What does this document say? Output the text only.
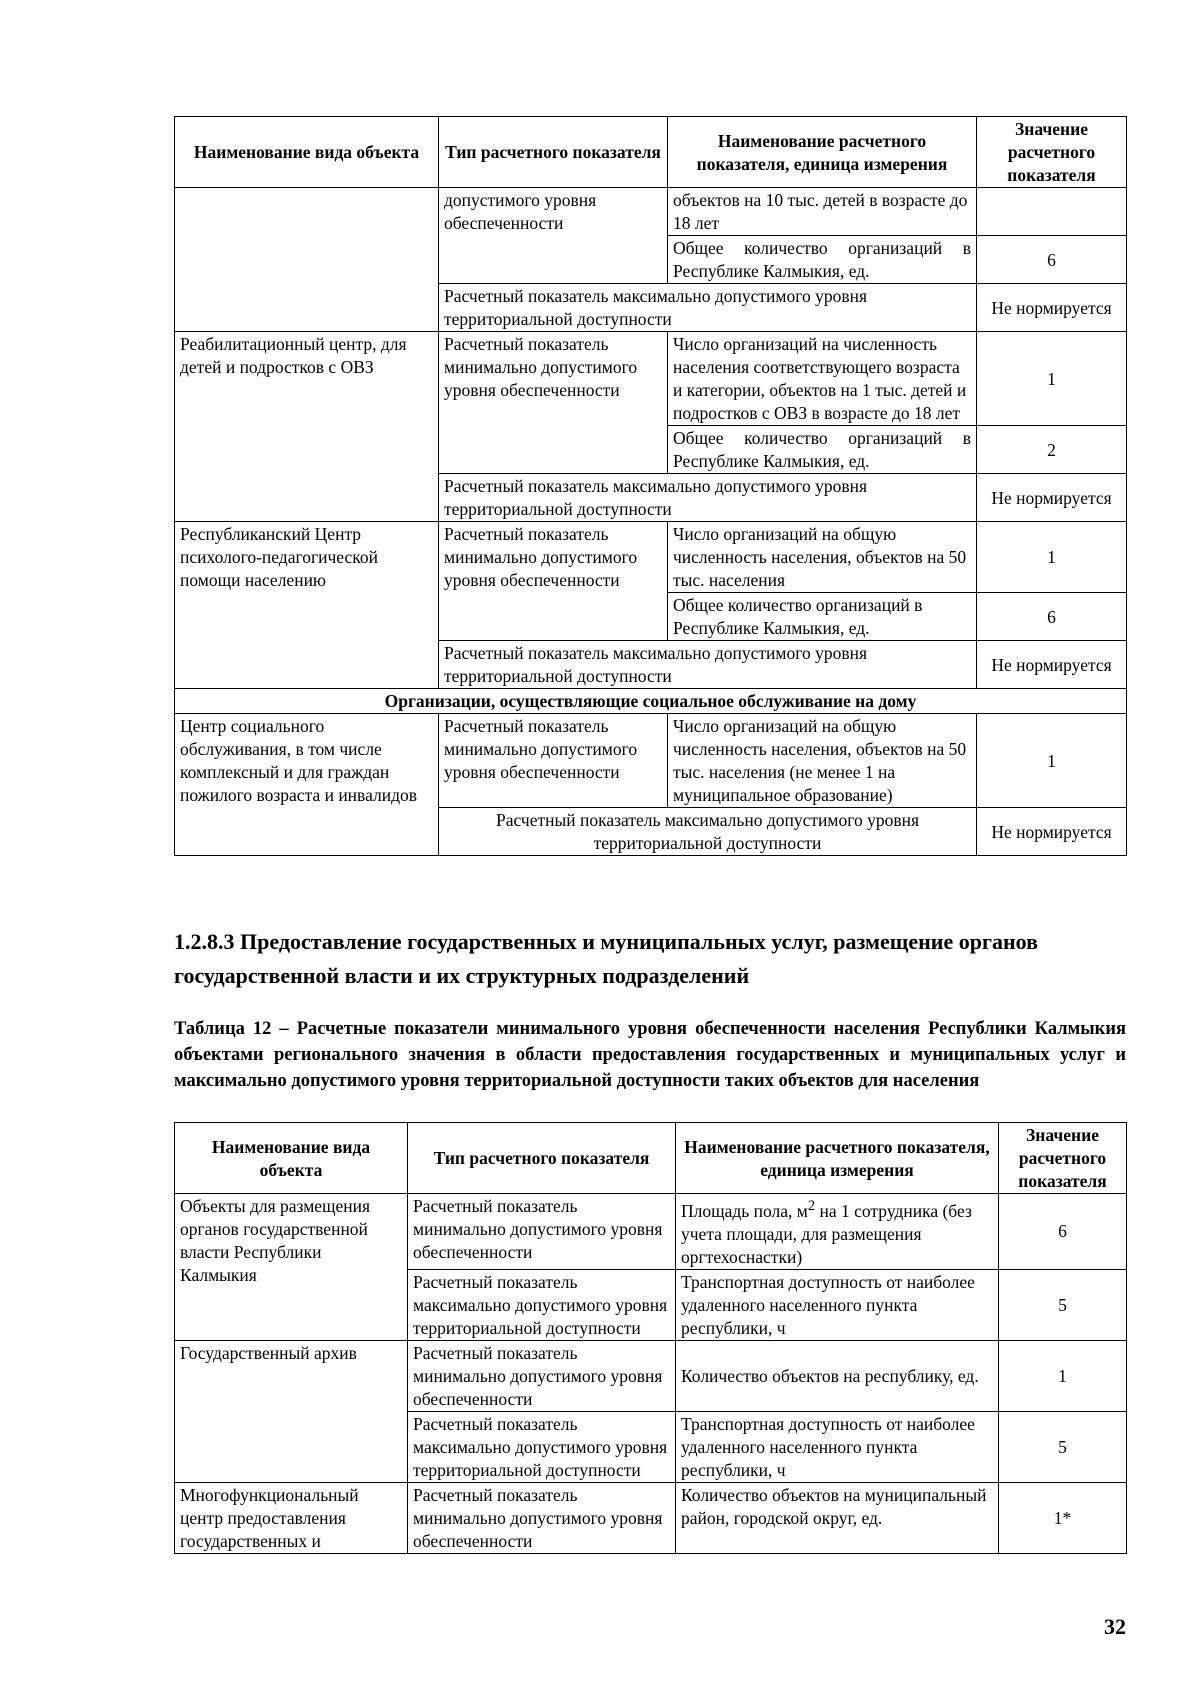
Наименование вида объекта	Тип расчетного показателя	Наименование расчетного показателя, единица измерения	Значение расчетного показателя
	допустимого уровня обеспеченности	объектов на 10 тыс. детей в возрасте до 18 лет	
		Общее количество организаций в Республике Калмыкия, ед.	6
	Расчетный показатель максимально допустимого уровня территориальной доступности		Не нормируется
Реабилитационный центр, для детей и подростков с ОВЗ	Расчетный показатель минимально допустимого уровня обеспеченности	Число организаций на численность населения соответствующего возраста и категории, объектов на 1 тыс. детей и подростков с ОВЗ в возрасте до 18 лет	1
		Общее количество организаций в Республике Калмыкия, ед.	2
	Расчетный показатель максимально допустимого уровня территориальной доступности		Не нормируется
Республиканский Центр психолого-педагогической помощи населению	Расчетный показатель минимально допустимого уровня обеспеченности	Число организаций на общую численность населения, объектов на 50 тыс. населения	1
		Общее количество организаций в Республике Калмыкия, ед.	6
	Расчетный показатель максимально допустимого уровня территориальной доступности		Не нормируется
Организации, осуществляющие социальное обслуживание на дому			
Центр социального обслуживания, в том числе комплексный и для граждан пожилого возраста и инвалидов	Расчетный показатель минимально допустимого уровня обеспеченности	Число организаций на общую численность населения, объектов на 50 тыс. населения (не менее 1 на муниципальное образование)	1
	Расчетный показатель максимально допустимого уровня территориальной доступности		Не нормируется
1.2.8.3 Предоставление государственных и муниципальных услуг, размещение органов государственной власти и их структурных подразделений
Таблица 12 – Расчетные показатели минимального уровня обеспеченности населения Республики Калмыкия объектами регионального значения в области предоставления государственных и муниципальных услуг и максимально допустимого уровня территориальной доступности таких объектов для населения
Наименование вида объекта	Тип расчетного показателя	Наименование расчетного показателя, единица измерения	Значение расчетного показателя
Объекты для размещения органов государственной власти Республики Калмыкия	Расчетный показатель минимально допустимого уровня обеспеченности	Площадь пола, $м^2$ на 1 сотрудника (без учета площади, для размещения оргтехоснастки)	6
	Расчетный показатель максимально допустимого уровня территориальной доступности	Транспортная доступность от наиболее удаленного населенного пункта республики, ч	5
Государственный архив	Расчетный показатель минимально допустимого уровня обеспеченности	Количество объектов на республику, ед.	1
	Расчетный показатель максимально допустимого уровня территориальной доступности	Транспортная доступность от наиболее удаленного населенного пункта республики, ч	5
Многофункциональный центр предоставления государственных и	Расчетный показатель минимально допустимого уровня обеспеченности	Количество объектов на муниципальный район, городской округ, ед.	1*
32
